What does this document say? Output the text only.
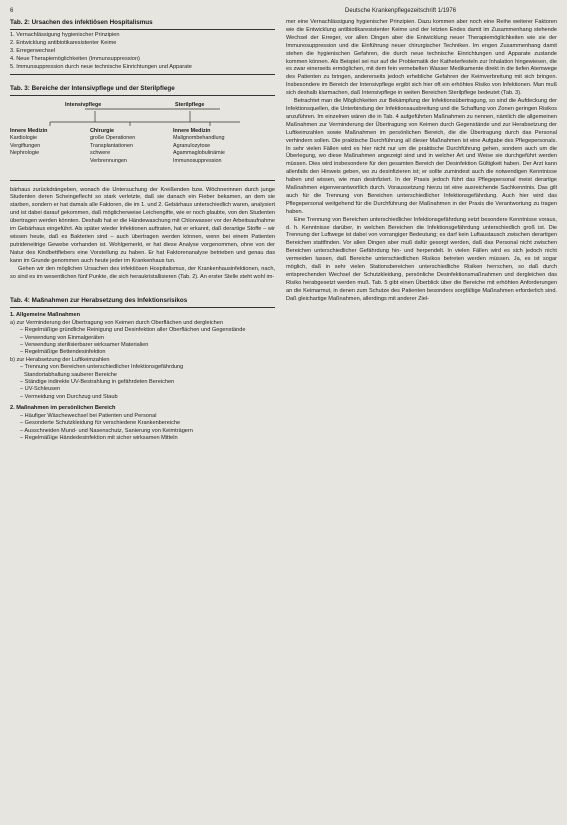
6	Deutsche Krankenpflegezeitschrift 1/1976
Tab. 2: Ursachen des infektiösen Hospitalismus
1. Vernachlässigung hygienischer Prinzipien
2. Entwicklung antibiotikaresistenter Keime
3. Erregerwechsel
4. Neue Therapiemöglichkeiten (Immunsuppression)
5. Immunsuppression durch neue technische Einrichtungen und Apparate
Tab. 3: Bereiche der Intensivpflege und der Sterilpflege
Intensivpflege	Sterilpflege
Innere Medizin
Kardiologie
Vergiftungen
Nephrologie
Chirurgie
große Operationen
Transplantationen
schwere
Verbrennungen
Innere Medizin
Malignombehandlung
Agranulozytose
Agammaglobulinämie
Immunosuppression

bärhaus zurückdrängeben, wonach die Untersuchung der Kreißenden bzw. Wöchnerinnen durch junge Studenten deren Scheingeflecht so stark verletzte, daß sie danach ein Fieber bekamen, an dem sie starben, sondern er hat damals alle Faktoren, die im 1. und 2. Gebärhaus unterschiedlich waren, analysiert und ist dabei darauf gekommen, daß möglicherweise Leichengifte, wie er noch glaubte, von den Studenten übertragen werden könnten. Deshalb hat er die Händewaschung mit Chlorwasser vor der Arbeitsaufnahme im Gebärhaus eingeführt. Als später wieder Infektionen auftraten, hat er erkannt, daß derartige Stoffe – wir wissen heute, daß es Bakterien sind – auch übertragen werden können, wenn bei einem Patienten putrideneitrige Gewebe vorhanden ist. Wohlgemerkt, er hat diese Analyse vorgenommen, ohne von der Natur des Kindbettfiebers eine Vorstellung zu haben. Er hat Faktorenanalyse betrieben und genau das kann im Grunde genommen auch heute jeder im Krankenhaus tun.

Gehen wir den möglichen Ursachen des infektiösen Hospitalismus, der Krankenhausinfektionen, nach, so sind es im wesentlichen fünf Punkte, die sich heraukristallisieren (Tab. 2). An erster Stelle steht wohl im-

Tab. 4: Maßnahmen zur Herabsetzung des Infektionsrisikos
1. Allgemeine Maßnahmen
a) zur Verminderung der Übertragung von Keimen durch Oberflächen und dergleichen
– Regelmäßige gründliche Reinigung und Desinfektion aller Oberflächen und Gegenstände
– Verwendung von Einmalgeräten
– Verwendung sterilisierbarer wirksamer Materialien
– Regelmäßige Bettendesinfektion
b) zur Herabsetzung der Luftkeimzahlen
– Trennung von Bereichen unterschiedlicher Infektionsgefährdung
Standortabhaltung sauberer Bereiche
– Ständige indirekte UV-Bestrahlung in gefährdeten Bereichen
– UV-Schleusen
– Vermeidung von Durchzug und Staub
2. Maßnahmen im persönlichen Bereich
– Häufiger Wäschewechsel bei Patienten und Personal
– Gesonderte Schutzkleidung für verschiedene Krankenbereiche
– Ausschneiden Mund- und Nasenschutz, Sanierung von Keimträgern
– Regelmäßige Händedesinfektion mit sicher wirksamen Mitteln

mer eine Vernachlässigung hygienischer Prinzipien. Dazu kommen aber noch eine Reihe weiterer Faktoren wie die Entwicklung antibiotikaresistenter Keime und der letzten Endes damit im Zusammenhang stehende Wechsel der Erreger, vor allen Dingen aber die Entwicklung neuer Therapiemöglichkeiten wie sie der Immunosuppression und die Einführung neuer chirurgischer Techniken. Im engen Zusammenhang damit stehen die hygienischen Gefahren, die durch neue technische Einrichtungen und Apparate zustande kommen können. Als Beispiel sei nur auf die Problematik der Katheterfesteln zur Inhalation hingewiesen, die es zwar einerseits ermöglichen, mit dem fein vernebelten Wasser Medikamente direkt in die tiefen Atemwege des Patienten zu bringen, andererseits jedoch erhebliche Gefahren der Keimverbreitung mit sich bringen. Insbesondere im Bereich der Intensivpflege ergibt sich hier oft ein erhöhtes Risiko von Infektionen. Man muß sich deshalb klarmachen, daß Intensivpflege in weiten Bereichen Sterilpflege bedeutet (Tab. 3).

Betrachtet man die Möglichkeiten zur Bekämpfung der Infektionsübertragung, so sind die Aufdeckung der Infektionsquellen, die Unterbindung der Infektionsausbreitung und die Schaffung von Zonen geringen Risikos anzuführen. Im einzelnen wären die in Tab. 4 aufgeführten Maßnahmen zu nennen, nämlich die allgemeinen Maßnahmen zur Verminderung der Übertragung von Keimen durch Gegenstände und zur Herabsetzung der Luftkeimzahlen sowie Maßnahmen im persönlichen Bereich, die die Übertragung durch das Personal verhindern sollen. Die praktische Durchführung all dieser Maßnahmen ist eine Aufgabe des Pflegepersonals. In sehr vielen Fällen wird es hier nicht nur um die praktische Durchführung gehen, sondern auch um die Überlegung, wo diese Maßnahmen angezeigt sind und in welcher Art und Weise sie durchgeführt werden müssen. Dies wird insbesondere für den gesamten Bereich der Desinfektion Gültigkeit haben. Der Arzt kann allenfalls den Hinweis geben, wo zu desinfizieren ist; er sollte zumindest auch die notwendigen Kenntnisse haben und wissen, wie man desinfiziert. In der Praxis jedoch führt das Pflegepersonal meist derartige Maßnahmen eigenverantwortlich durch. Voraussetzung hierzu ist eine ausreichende Sachkenntnis. Das gilt auch für die Trennung von Bereichen unterschiedlicher Infektionsgefährdung. Auch hier wird das Pflegepersonal weitgehend für die Durchführung der Maßnahmen in der Praxis die Verantwortung zu tragen haben.

Eine Trennung von Bereichen unterschiedlicher Infektionsgefährdung setzt besondere Kenntnisse voraus, d. h. Kenntnisse darüber, in welchen Bereichen die Infektionsgefährdung unterschiedlich groß ist. Die Trennung der Luftwege ist dabei von vorrangiger Bedeutung; es darf kein Luftaustausch zwischen derartigen Bereichen stattfinden. Vor allen Dingen aber muß dafür gesorgt werden, daß das Personal nicht zwischen Bereichen unterschiedlicher Gefährdung hin- und herpendelt. In vielen Fällen wird es sich jedoch nicht vermeiden lassen, daß Bereiche unterschiedlichen Risikos betreten werden müssen. Ja, es ist sogar möglich, daß in sehr vielen Stationsbereichen unterschiedliche Risiken herrschen, so daß durch entsprechenden Wechsel der Schutzkleidung, persönliche Desinfektionsmaßnahmen und dergleichen das Risiko herabgesetzt werden muß. Tab. 5 gibt einen Überblick über die Bereiche mit erhöhten Anforderungen an die Keimarmut, in denen zum Schutze des Patienten besonders sorgfältige Maßnahmen erforderlich sind. Daß gleichartige Maßnahmen, allerdings mit anderer Ziel-
